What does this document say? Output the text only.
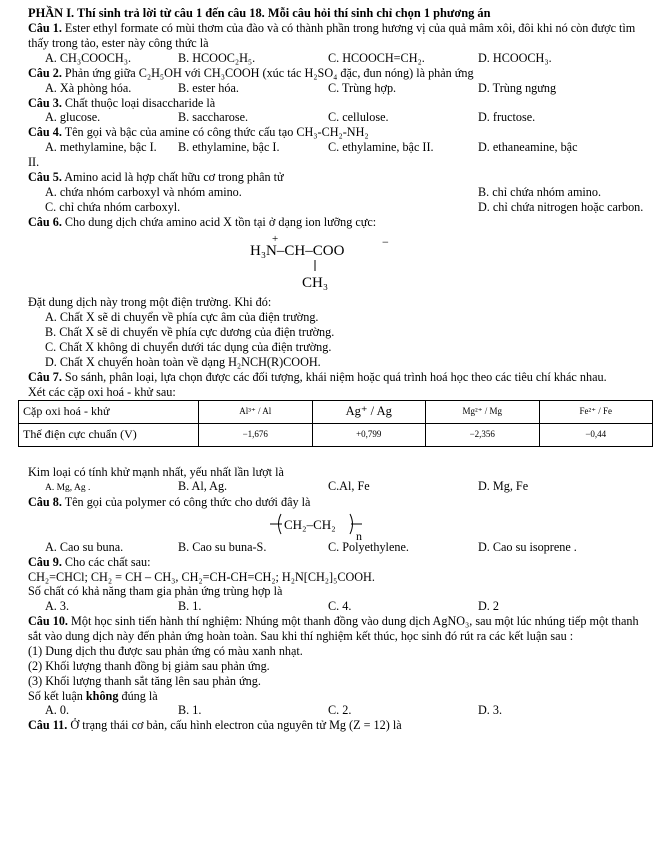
PHẦN I. Thí sinh trả lời từ câu 1 đến câu 18. Mỗi câu hỏi thí sinh chỉ chọn 1 phương án
Câu 1. Ester ethyl formate có mùi thơm của đào và có thành phần trong hương vị của quả mâm xôi, đôi khi nó còn được tìm thấy trong tảo, ester này công thức là
A. CH₃COOCH₃.	B. HCOOC₂H₅.	C. HCOOCH=CH₂.	D. HCOOCH₃.
Câu 2. Phản ứng giữa C₂H₅OH với CH₃COOH (xúc tác H₂SO₄ đặc, đun nóng) là phản ứng
A. Xà phòng hóa.	B. ester hóa.	C. Trùng hợp.	D. Trùng ngưng
Câu 3. Chất thuộc loại disaccharide là
A. glucose.	B. saccharose.	C. cellulose.	D. fructose.
Câu 4. Tên gọi và bậc của amine có công thức cấu tạo CH₃-CH₂-NH₂
A. methylamine, bậc I.	B. ethylamine, bậc I.	C. ethylamine, bậc II.	D. ethaneamine, bậc
II.
Câu 5. Amino acid là hợp chất hữu cơ trong phân tử
A. chứa nhóm carboxyl và nhóm amino.	B. chỉ chứa nhóm amino.
C. chỉ chứa nhóm carboxyl.	D. chỉ chứa nitrogen hoặc carbon.
Câu 6. Cho dung dịch chứa amino acid X tồn tại ở dạng ion lưỡng cực:
H₃N–CH–COO
+	−
CH₃
Đặt dung dịch này trong một điện trường. Khi đó:
A. Chất X sẽ di chuyển về phía cực âm của điện trường.
B. Chất X sẽ di chuyển về phía cực dương của điện trường.
C. Chất X không di chuyển dưới tác dụng của điện trường.
D. Chất X chuyển hoàn toàn về dạng H₂NCH(R)COOH.
Câu 7. So sánh, phân loại, lựa chọn được các đối tượng, khái niệm hoặc quá trình hoá học theo các tiêu chí khác nhau.
Xét các cặp oxi hoá - khử sau:
Cặp oxi hoá - khử	Al³⁺ / Al	Ag⁺ / Ag	Mg²⁺ / Mg	Fe²⁺ / Fe
Thế điện cực chuẩn (V)	−1,676	+0,799	−2,356	−0,44
Kim loại có tính khử mạnh nhất, yếu nhất lần lượt là
A. Mg, Ag .	B. Al, Ag.	C.Al, Fe	D. Mg, Fe
Câu 8. Tên gọi của polymer có công thức cho dưới đây là
CH₂–CH₂
n
A. Cao su buna.	B. Cao su buna-S.	C. Polyethylene.	D. Cao su isoprene .
Câu 9. Cho các chất sau:
CH₂=CHCl; CH₂ = CH – CH₃, CH₂=CH-CH=CH₂; H₂N[CH₂]₅COOH.
Số chất có khả năng tham gia phản ứng trùng hợp là
A. 3.	B. 1.	C. 4.	D. 2
Câu 10. Một học sinh tiến hành thí nghiệm: Nhúng một thanh đồng vào dung dịch AgNO₃, sau một lúc nhúng tiếp một thanh sắt vào dung dịch này đến phản ứng hoàn toàn. Sau khi thí nghiệm kết thúc, học sinh đó rút ra các kết luận sau :
(1) Dung dịch thu được sau phản ứng có màu xanh nhạt.
(2) Khối lượng thanh đồng bị giảm sau phản ứng.
(3) Khối lượng thanh sắt tăng lên sau phản ứng.
Số kết luận không đúng là
A. 0.	B. 1.	C. 2.	D. 3.
Câu 11. Ở trạng thái cơ bản, cấu hình electron của nguyên tử Mg (Z = 12) là
